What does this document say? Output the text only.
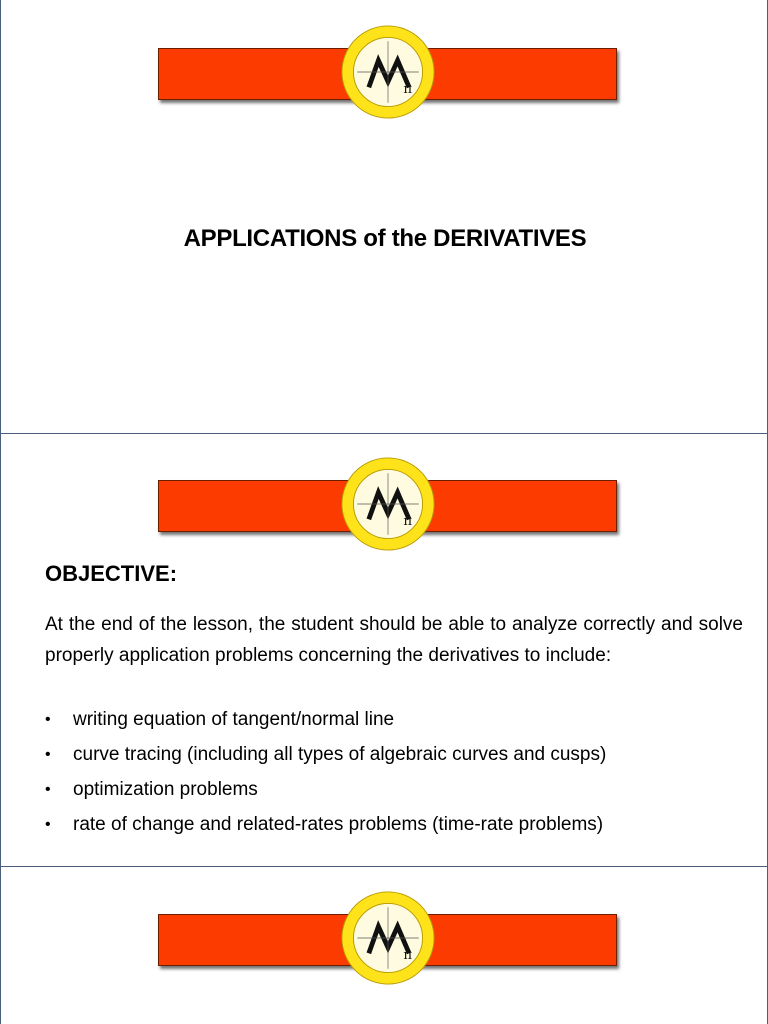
π
APPLICATIONS of the DERIVATIVES
π
OBJECTIVE:
At the end of the lesson, the student should be able to analyze correctly and solve properly application problems concerning the derivatives to include:
• writing equation of tangent/normal line
• curve tracing (including all types of algebraic curves and cusps)
• optimization problems
• rate of change and related-rates problems (time-rate problems)
π
